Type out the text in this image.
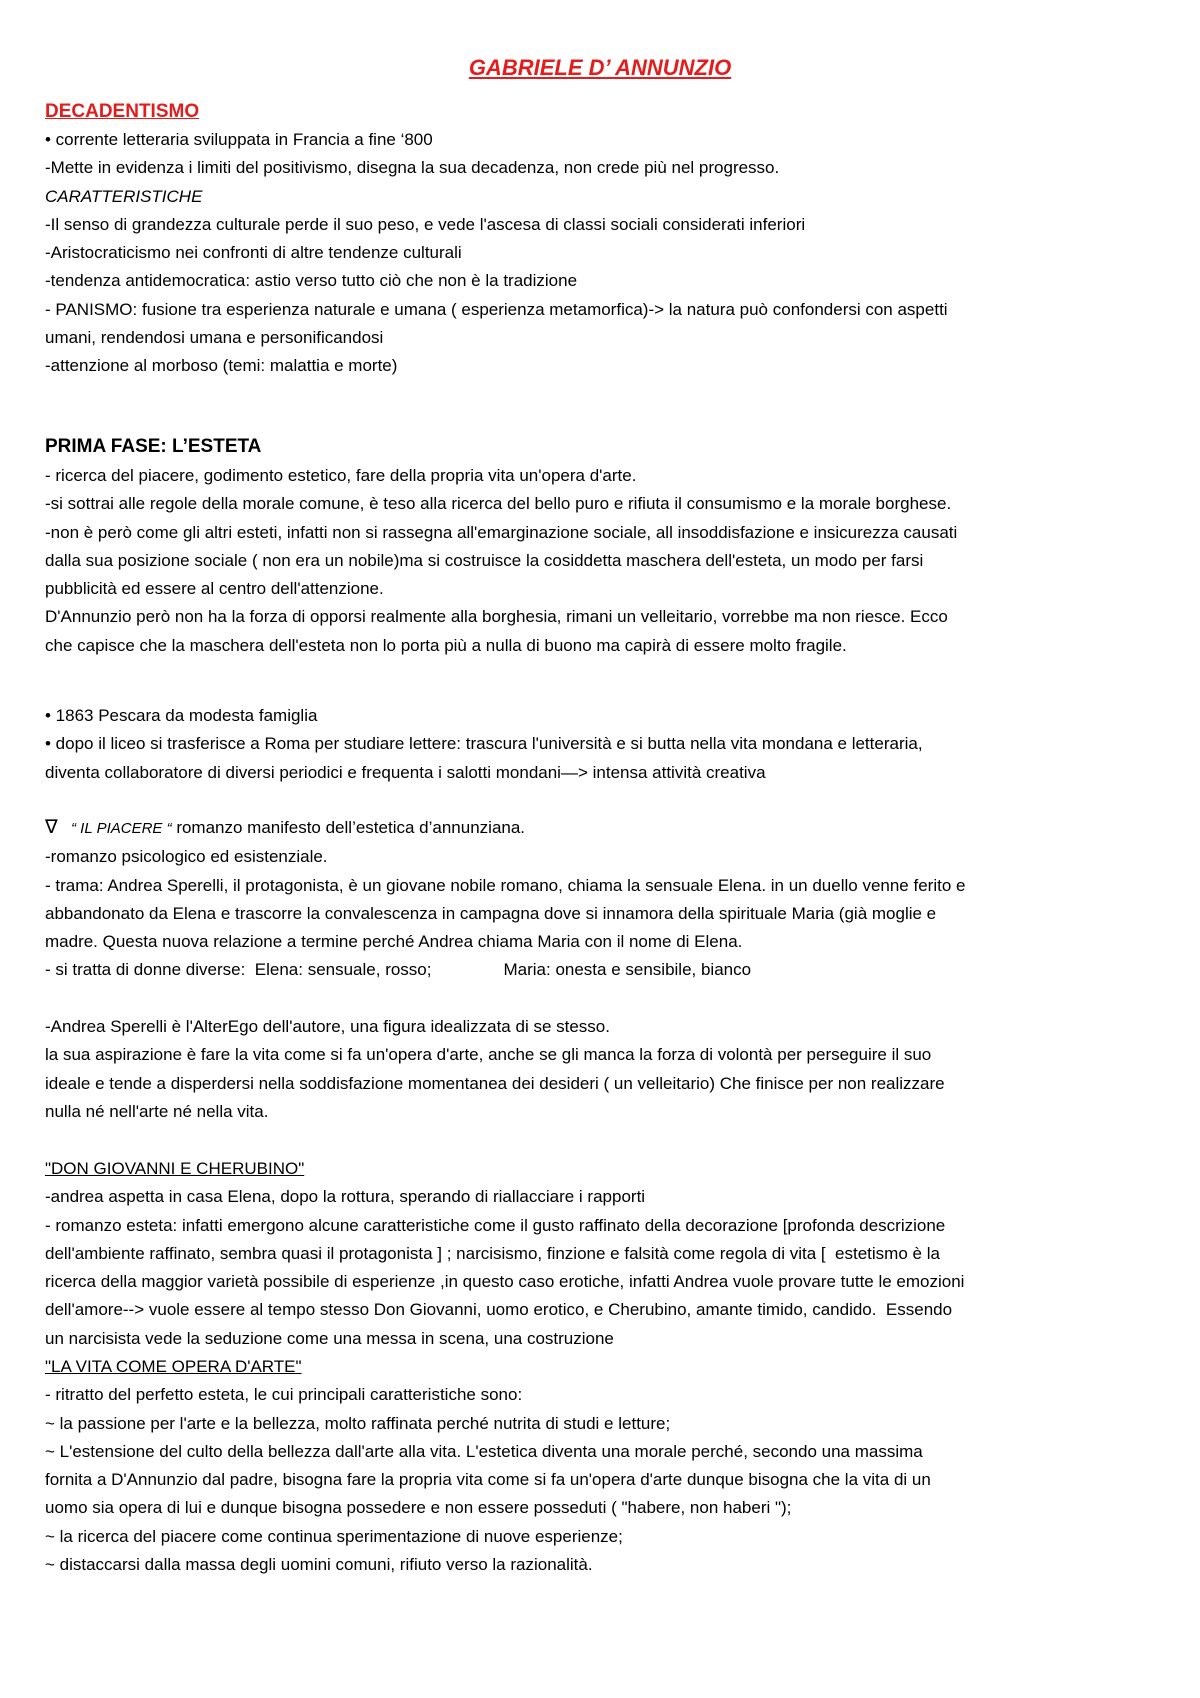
GABRIELE D’ ANNUNZIO

DECADENTISMO

• corrente letteraria sviluppata in Francia a fine ‘800

-Mette in evidenza i limiti del positivismo, disegna la sua decadenza, non crede più nel progresso.

CARATTERISTICHE

-Il senso di grandezza culturale perde il suo peso, e vede l'ascesa di classi sociali considerati inferiori

-Aristocraticismo nei confronti di altre tendenze culturali

-tendenza antidemocratica: astio verso tutto ciò che non è la tradizione

- PANISMO: fusione tra esperienza naturale e umana ( esperienza metamorfica)-> la natura può confondersi con aspetti

umani, rendendosi umana e personificandosi

-attenzione al morboso (temi: malattia e morte)

PRIMA FASE: L’ESTETA

- ricerca del piacere, godimento estetico, fare della propria vita un'opera d'arte.

-si sottrai alle regole della morale comune, è teso alla ricerca del bello puro e rifiuta il consumismo e la morale borghese.

-non è però come gli altri esteti, infatti non si rassegna all'emarginazione sociale, all insoddisfazione e insicurezza causati

dalla sua posizione sociale ( non era un nobile)ma si costruisce la cosiddetta maschera dell'esteta, un modo per farsi

pubblicità ed essere al centro dell'attenzione.

D'Annunzio però non ha la forza di opporsi realmente alla borghesia, rimani un velleitario, vorrebbe ma non riesce. Ecco

che capisce che la maschera dell'esteta non lo porta più a nulla di buono ma capirà di essere molto fragile.

• 1863 Pescara da modesta famiglia

• dopo il liceo si trasferisce a Roma per studiare lettere: trascura l'università e si butta nella vita mondana e letteraria,

diventa collaboratore di diversi periodici e frequenta i salotti mondani—> intensa attività creativa

∇ “ IL PIACERE “ romanzo manifesto dell’estetica d’annunziana.

-romanzo psicologico ed esistenziale.

- trama: Andrea Sperelli, il protagonista, è un giovane nobile romano, chiama la sensuale Elena. in un duello venne ferito e

abbandonato da Elena e trascorre la convalescenza in campagna dove si innamora della spirituale Maria (già moglie e

madre. Questa nuova relazione a termine perché Andrea chiama Maria con il nome di Elena.

- si tratta di donne diverse:  Elena: sensuale, rosso;	Maria: onesta e sensibile, bianco

-Andrea Sperelli è l'AlterEgo dell'autore, una figura idealizzata di se stesso.

la sua aspirazione è fare la vita come si fa un'opera d'arte, anche se gli manca la forza di volontà per perseguire il suo

ideale e tende a disperdersi nella soddisfazione momentanea dei desideri ( un velleitario) Che finisce per non realizzare

nulla né nell'arte né nella vita.

"DON GIOVANNI E CHERUBINO"

-andrea aspetta in casa Elena, dopo la rottura, sperando di riallacciare i rapporti

- romanzo esteta: infatti emergono alcune caratteristiche come il gusto raffinato della decorazione [profonda descrizione

dell'ambiente raffinato, sembra quasi il protagonista ] ; narcisismo, finzione e falsità come regola di vita [  estetismo è la

ricerca della maggior varietà possibile di esperienze ,in questo caso erotiche, infatti Andrea vuole provare tutte le emozioni

dell'amore--> vuole essere al tempo stesso Don Giovanni, uomo erotico, e Cherubino, amante timido, candido.  Essendo

un narcisista vede la seduzione come una messa in scena, una costruzione

"LA VITA COME OPERA D'ARTE"

- ritratto del perfetto esteta, le cui principali caratteristiche sono:

~ la passione per l'arte e la bellezza, molto raffinata perché nutrita di studi e letture;

~ L'estensione del culto della bellezza dall'arte alla vita. L'estetica diventa una morale perché, secondo una massima

fornita a D'Annunzio dal padre, bisogna fare la propria vita come si fa un'opera d'arte dunque bisogna che la vita di un

uomo sia opera di lui e dunque bisogna possedere e non essere posseduti ( "habere, non haberi ");

~ la ricerca del piacere come continua sperimentazione di nuove esperienze;

~ distaccarsi dalla massa degli uomini comuni, rifiuto verso la razionalità.
